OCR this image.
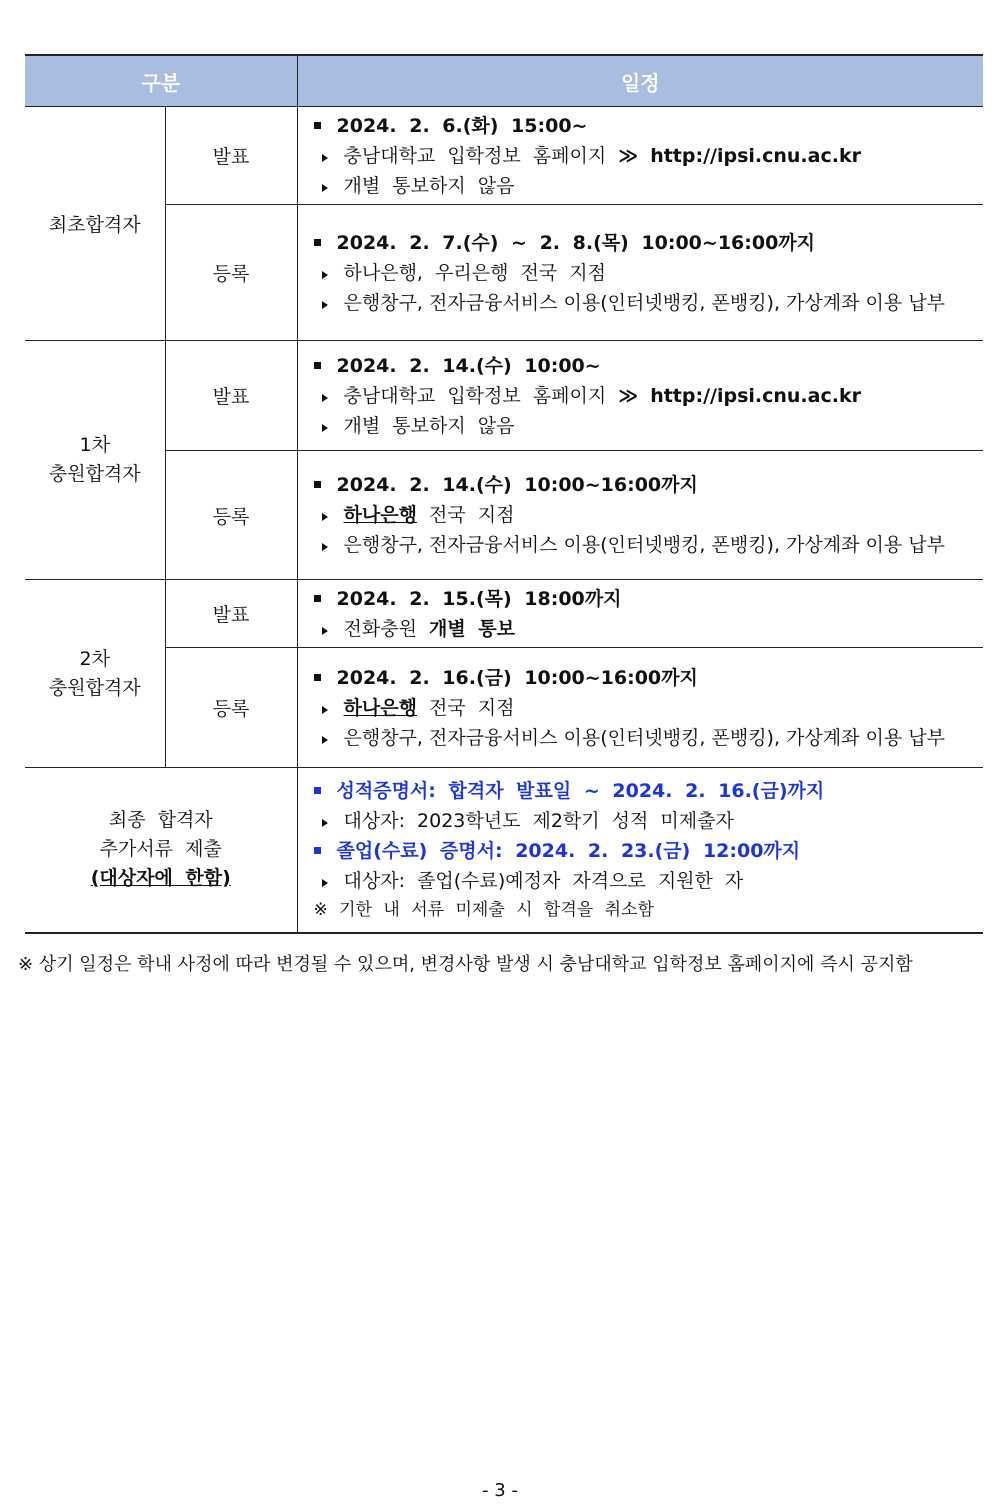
구분		일정
최초합격자	발표	2024. 2. 6.(화) 15:00~
충남대학교 입학정보 홈페이지 ≫ http://ipsi.cnu.ac.kr
개별 통보하지 않음

	등록	2024. 2. 7.(수) ~ 2. 8.(목) 10:00~16:00까지
하나은행, 우리은행 전국 지점
은행창구, 전자금융서비스 이용(인터넷뱅킹, 폰뱅킹), 가상계좌 이용 납부

1차
충원합격자	발표	2024. 2. 14.(수) 10:00~
충남대학교 입학정보 홈페이지 ≫ http://ipsi.cnu.ac.kr
개별 통보하지 않음

	등록	2024. 2. 14.(수) 10:00~16:00까지
하나은행 전국 지점
은행창구, 전자금융서비스 이용(인터넷뱅킹, 폰뱅킹), 가상계좌 이용 납부

2차
충원합격자	발표	2024. 2. 15.(목) 18:00까지
전화충원 개별 통보

	등록	2024. 2. 16.(금) 10:00~16:00까지
하나은행 전국 지점
은행창구, 전자금융서비스 이용(인터넷뱅킹, 폰뱅킹), 가상계좌 이용 납부

최종 합격자
추가서류 제출
(대상자에 한함)		성적증명서: 합격자 발표일 ~ 2024. 2. 16.(금)까지
대상자: 2023학년도 제2학기 성적 미제출자
졸업(수료) 증명서: 2024. 2. 23.(금) 12:00까지
대상자: 졸업(수료)예정자 자격으로 지원한 자
※ 기한 내 서류 미제출 시 합격을 취소함
※ 상기 일정은 학내 사정에 따라 변경될 수 있으며, 변경사항 발생 시 충남대학교 입학정보 홈페이지에 즉시 공지함
- 3 -
